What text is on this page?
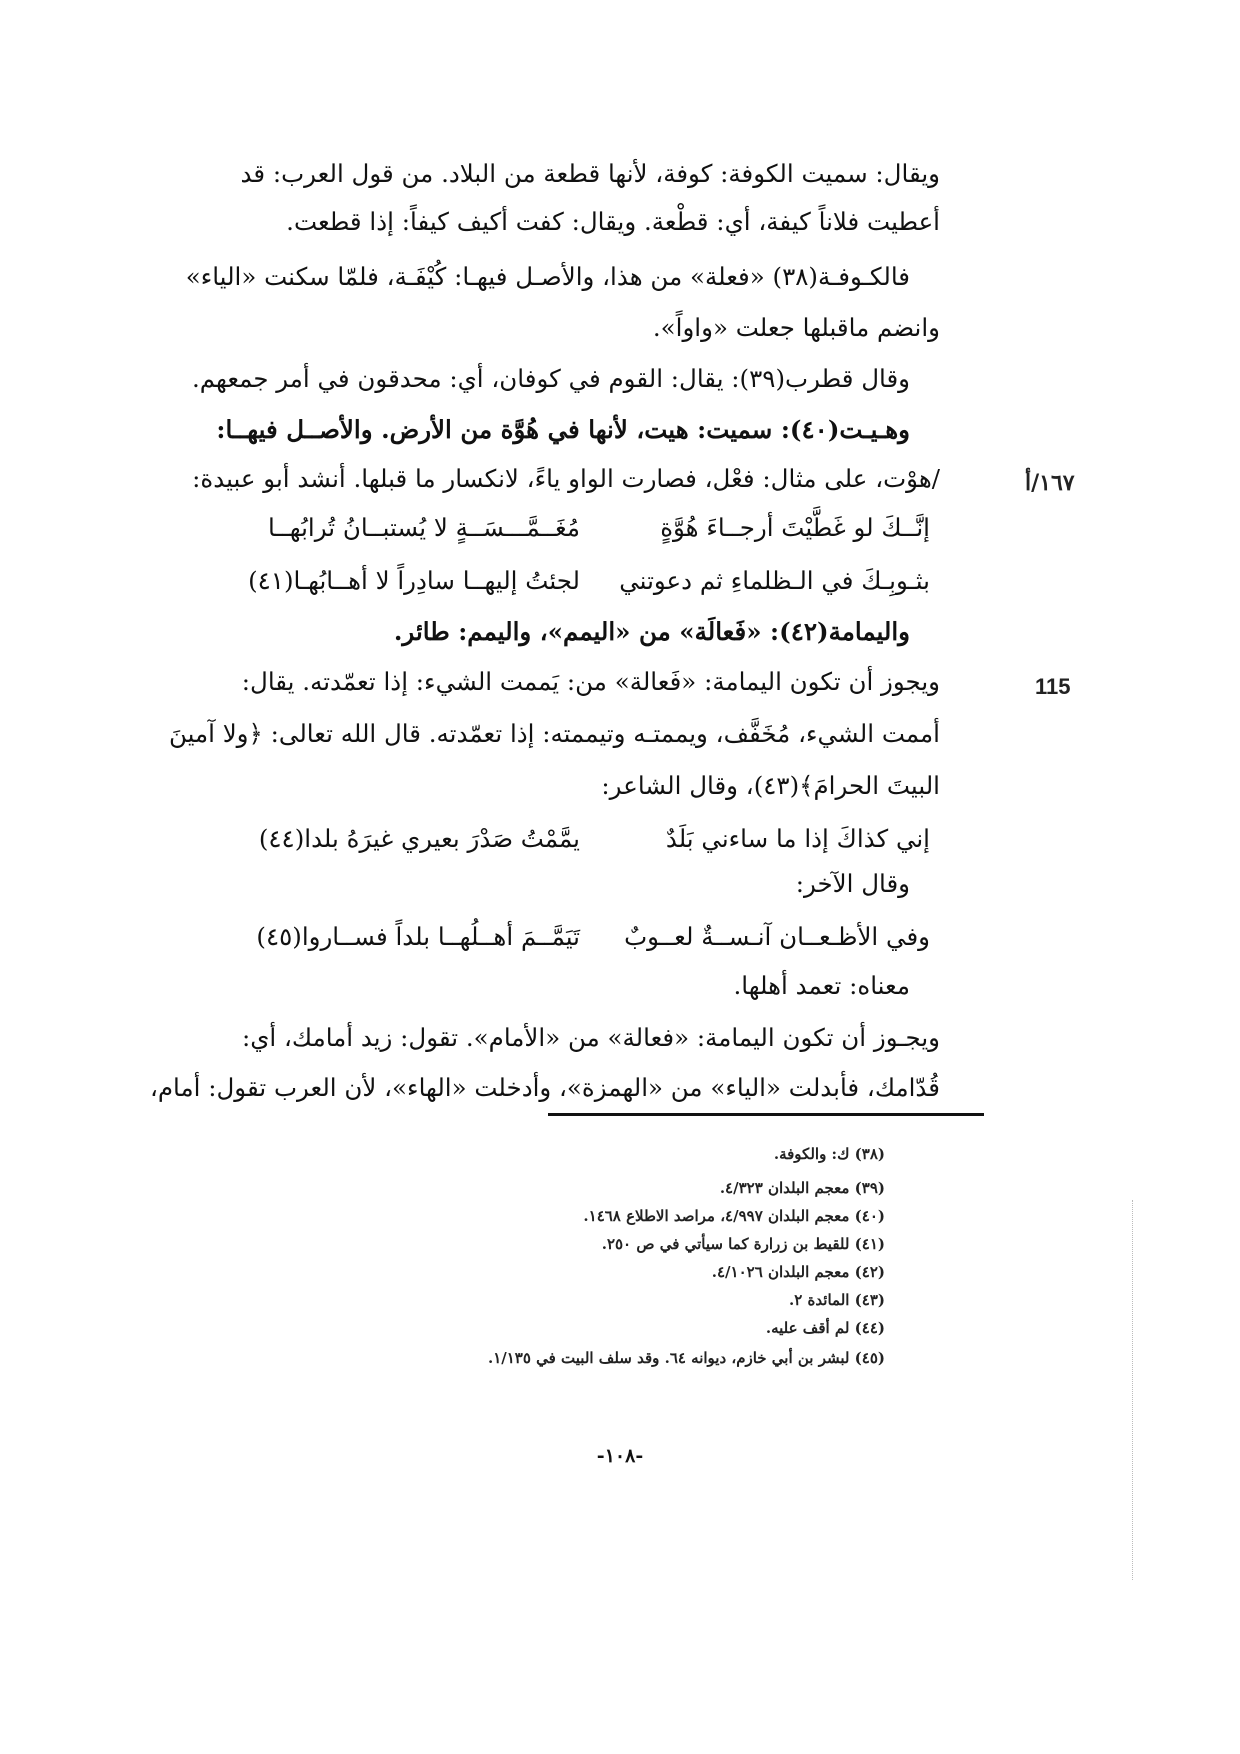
ويقال: سميت الكوفة: كوفة، لأنها قطعة من البلاد. من قول العرب: قد
أعطيت فلاناً كيفة، أي: قطْعة. ويقال: كفت أكيف كيفاً: إذا قطعت.
فالكـوفـة(٣٨) «فعلة» من هذا، والأصـل فيهـا: كُيْفَـة، فلمّا سكنت «الياء»
وانضم ماقبلها جعلت «واواً».
وقال قطرب(٣٩): يقال: القوم في كوفان، أي: محدقون في أمر جمعهم.
وهـيـت(٤٠): سميت: هيت، لأنها في هُوَّة من الأرض. والأصــل فيهــا:
/هوْت، على مثال: فعْل، فصارت الواو ياءً، لانكسار ما قبلها. أنشد أبو عبيدة:	١٦٧/أ
إنَّــكَ لو غَطَّيْتَ أرجــاءَ هُوَّةٍ
مُغَــمَّـــسَــةٍ لا يُستبــانُ تُرابُهــا
بثـوبِـكَ في الـظلماءِ ثم دعوتني
لجئتُ إليهــا سادِراً لا أهــابُهـا(٤١)
واليمامة(٤٢): «فَعالَة» من «اليمم»، واليمم: طائر.
115
ويجوز أن تكون اليمامة: «فَعالة» من: يَممت الشيء: إذا تعمّدته. يقال:
أممت الشيء، مُخَفَّف، ويممتـه وتيممته: إذا تعمّدته. قال الله تعالى: ﴿ولا آمينَ
البيتَ الحرامَ﴾(٤٣)، وقال الشاعر:
إني كذاكَ إذا ما ساءني بَلَدٌ
يمَّمْتُ صَدْرَ بعيري غيرَهُ بلدا(٤٤)
وقال الآخر:
وفي الأظـعــان آنـســةٌ لعــوبٌ
تَيَمَّــمَ أهــلُهــا بلداً فســاروا(٤٥)
معناه: تعمد أهلها.
ويجـوز أن تكون اليمامة: «فعالة» من «الأمام». تقول: زيد أمامك، أي:
قُدّامك، فأبدلت «الياء» من «الهمزة»، وأدخلت «الهاء»، لأن العرب تقول: أمام،
(٣٨) ك: والكوفة.
(٣٩) معجم البلدان ٤/٣٢٣.
(٤٠) معجم البلدان ٤/٩٩٧، مراصد الاطلاع ١٤٦٨.
(٤١) للقيط بن زرارة كما سيأتي في ص ٢٥٠.
(٤٢) معجم البلدان ٤/١٠٢٦.
(٤٣) المائدة ٢.
(٤٤) لم أقف عليه.
(٤٥) لبشر بن أبي خازم، ديوانه ٦٤. وقد سلف البيت في ١/١٣٥.
-١٠٨-
